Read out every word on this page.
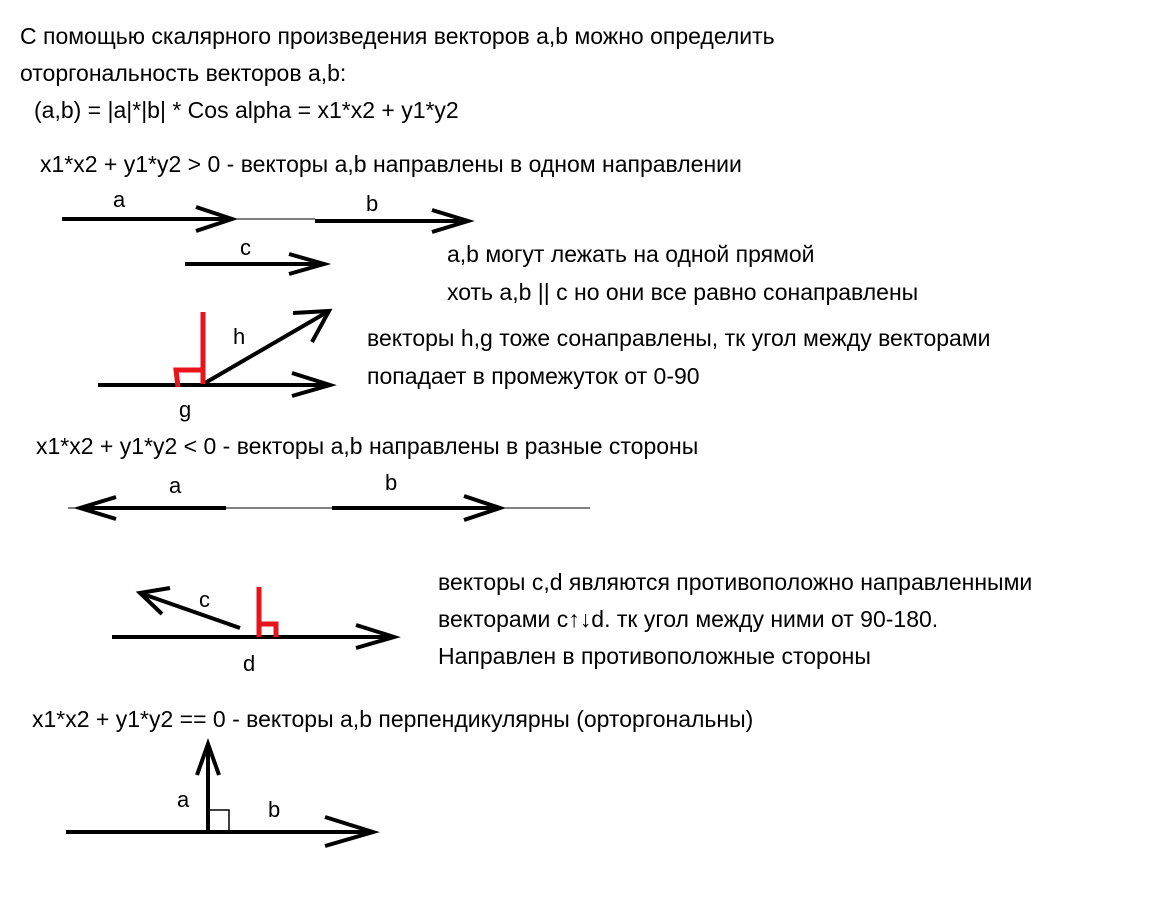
С помощью скалярного произведения векторов a,b можно определить
оторгональность векторов a,b:
(a,b) = |a|*|b| * Cos alpha = x1*x2 + y1*y2
x1*x2 + y1*y2 > 0 - векторы a,b направлены в одном направлении
a	b
c	a,b могут лежать на одной прямой
хоть a,b || c но они все равно сонаправлены
h
g
векторы h,g тоже сонаправлены, тк угол между векторами
попадает в промежуток от 0-90
x1*x2 + y1*y2 < 0 - векторы a,b направлены в разные стороны
a	b
c
d
векторы c,d являются противоположно направленными
векторами c↑↓d. тк угол между ними от 90-180.
Направлен в противоположные стороны
x1*x2 + y1*y2 == 0 - векторы a,b перпендикулярны (орторгональны)
a	b
